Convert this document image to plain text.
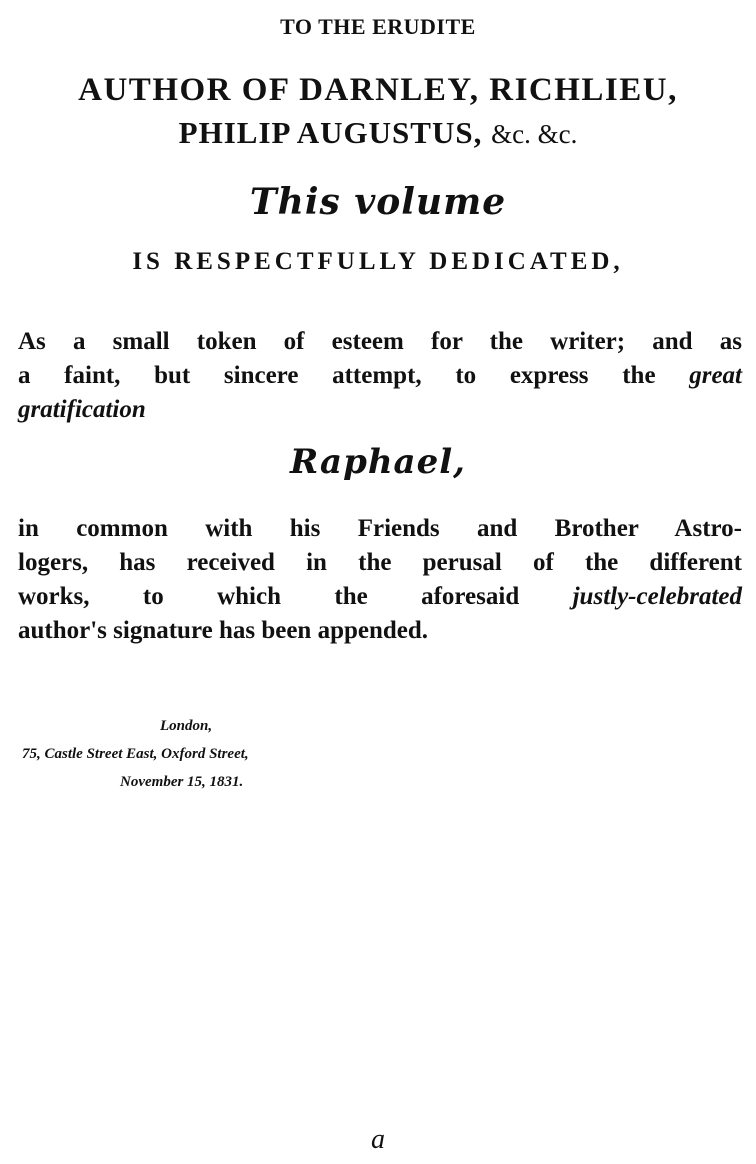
TO THE ERUDITE
AUTHOR OF DARNLEY, RICHLIEU,
PHILIP AUGUSTUS, &c. &c.
This volume
IS RESPECTFULLY DEDICATED,
As a small token of esteem for the writer; and as
a faint, but sincere attempt, to express the great
gratification
Raphael,
in common with his Friends and Brother Astro-
logers, has received in the perusal of the different
works, to which the aforesaid justly-celebrated
author's signature has been appended.
London,
75, Castle Street East, Oxford Street,
November 15, 1831.
a
